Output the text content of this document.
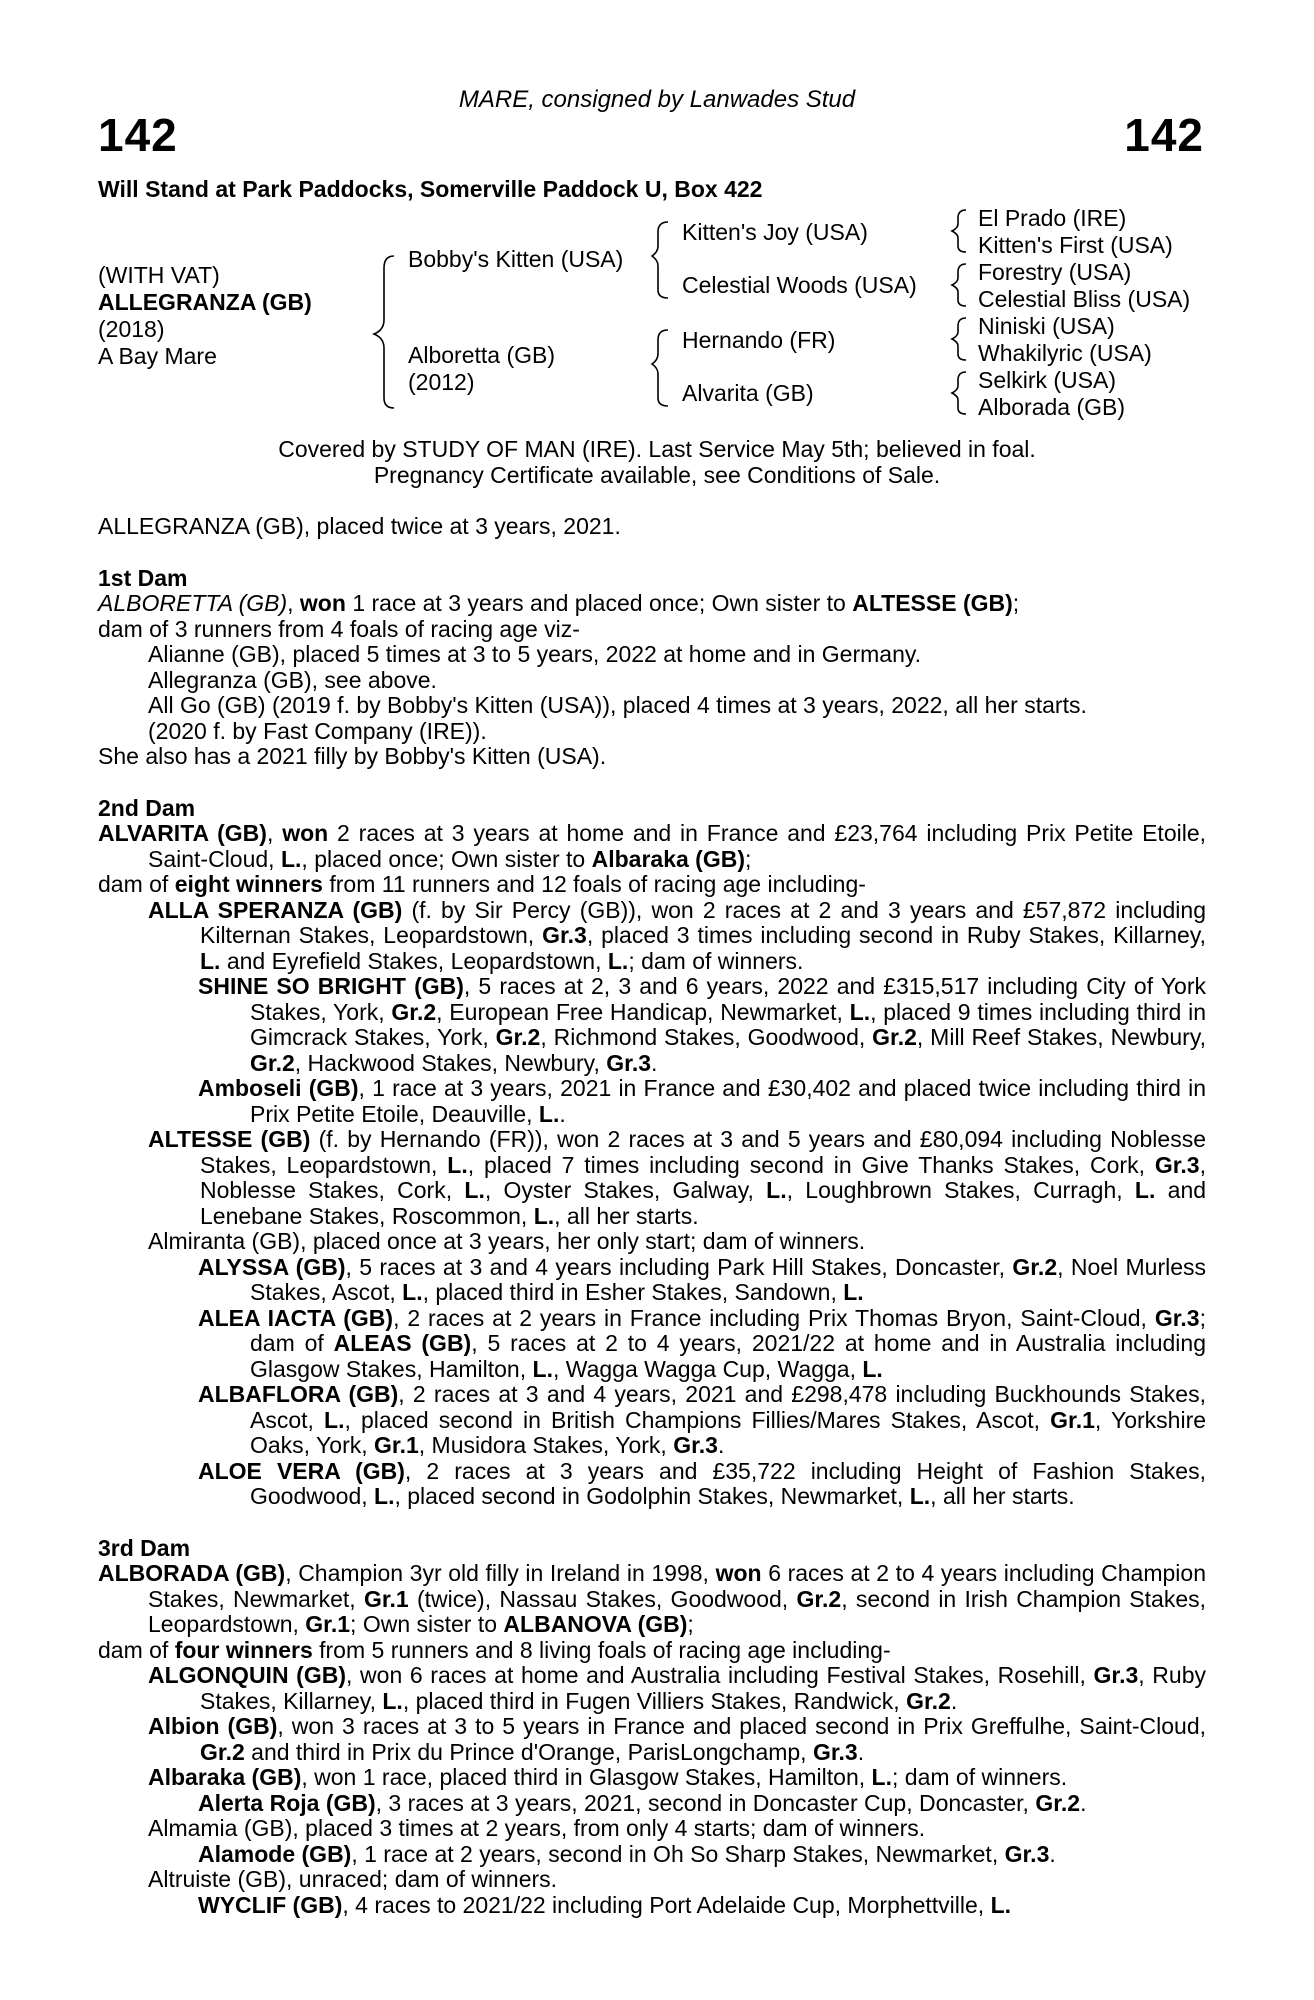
142
MARE, consigned by Lanwades Stud
142
Will Stand at Park Paddocks, Somerville Paddock U, Box 422
(WITH VAT)
ALLEGRANZA (GB)
(2018)
A Bay Mare
Bobby's Kitten (USA)
Alboretta (GB)
(2012)
Kitten's Joy (USA)
Celestial Woods (USA)
Hernando (FR)
Alvarita (GB)
El Prado (IRE)
Kitten's First (USA)
Forestry (USA)
Celestial Bliss (USA)
Niniski (USA)
Whakilyric (USA)
Selkirk (USA)
Alborada (GB)
Covered by STUDY OF MAN (IRE). Last Service May 5th; believed in foal.
Pregnancy Certificate available, see Conditions of Sale.

ALLEGRANZA (GB), placed twice at 3 years, 2021.

1st Dam

ALBORETTA (GB), won 1 race at 3 years and placed once; Own sister to ALTESSE (GB);

dam of 3 runners from 4 foals of racing age viz-

Alianne (GB), placed 5 times at 3 to 5 years, 2022 at home and in Germany.

Allegranza (GB), see above.

All Go (GB) (2019 f. by Bobby's Kitten (USA)), placed 4 times at 3 years, 2022, all her starts.

(2020 f. by Fast Company (IRE)).

She also has a 2021 filly by Bobby's Kitten (USA).

2nd Dam

ALVARITA (GB), won 2 races at 3 years at home and in France and £23,764 including Prix Petite Etoile, Saint-Cloud, L., placed once; Own sister to Albaraka (GB);

dam of eight winners from 11 runners and 12 foals of racing age including-

ALLA SPERANZA (GB) (f. by Sir Percy (GB)), won 2 races at 2 and 3 years and £57,872 including Kilternan Stakes, Leopardstown, Gr.3, placed 3 times including second in Ruby Stakes, Killarney, L. and Eyrefield Stakes, Leopardstown, L.; dam of winners.

SHINE SO BRIGHT (GB), 5 races at 2, 3 and 6 years, 2022 and £315,517 including City of York Stakes, York, Gr.2, European Free Handicap, Newmarket, L., placed 9 times including third in Gimcrack Stakes, York, Gr.2, Richmond Stakes, Goodwood, Gr.2, Mill Reef Stakes, Newbury, Gr.2, Hackwood Stakes, Newbury, Gr.3.

Amboseli (GB), 1 race at 3 years, 2021 in France and £30,402 and placed twice including third in Prix Petite Etoile, Deauville, L..

ALTESSE (GB) (f. by Hernando (FR)), won 2 races at 3 and 5 years and £80,094 including Noblesse Stakes, Leopardstown, L., placed 7 times including second in Give Thanks Stakes, Cork, Gr.3, Noblesse Stakes, Cork, L., Oyster Stakes, Galway, L., Loughbrown Stakes, Curragh, L. and Lenebane Stakes, Roscommon, L., all her starts.

Almiranta (GB), placed once at 3 years, her only start; dam of winners.

ALYSSA (GB), 5 races at 3 and 4 years including Park Hill Stakes, Doncaster, Gr.2, Noel Murless Stakes, Ascot, L., placed third in Esher Stakes, Sandown, L.

ALEA IACTA (GB), 2 races at 2 years in France including Prix Thomas Bryon, Saint-Cloud, Gr.3; dam of ALEAS (GB), 5 races at 2 to 4 years, 2021/22 at home and in Australia including Glasgow Stakes, Hamilton, L., Wagga Wagga Cup, Wagga, L.

ALBAFLORA (GB), 2 races at 3 and 4 years, 2021 and £298,478 including Buckhounds Stakes, Ascot, L., placed second in British Champions Fillies/Mares Stakes, Ascot, Gr.1, Yorkshire Oaks, York, Gr.1, Musidora Stakes, York, Gr.3.

ALOE VERA (GB), 2 races at 3 years and £35,722 including Height of Fashion Stakes, Goodwood, L., placed second in Godolphin Stakes, Newmarket, L., all her starts.

3rd Dam

ALBORADA (GB), Champion 3yr old filly in Ireland in 1998, won 6 races at 2 to 4 years including Champion Stakes, Newmarket, Gr.1 (twice), Nassau Stakes, Goodwood, Gr.2, second in Irish Champion Stakes, Leopardstown, Gr.1; Own sister to ALBANOVA (GB);

dam of four winners from 5 runners and 8 living foals of racing age including-

ALGONQUIN (GB), won 6 races at home and Australia including Festival Stakes, Rosehill, Gr.3, Ruby Stakes, Killarney, L., placed third in Fugen Villiers Stakes, Randwick, Gr.2.

Albion (GB), won 3 races at 3 to 5 years in France and placed second in Prix Greffulhe, Saint-Cloud, Gr.2 and third in Prix du Prince d'Orange, ParisLongchamp, Gr.3.

Albaraka (GB), won 1 race, placed third in Glasgow Stakes, Hamilton, L.; dam of winners.

Alerta Roja (GB), 3 races at 3 years, 2021, second in Doncaster Cup, Doncaster, Gr.2.

Almamia (GB), placed 3 times at 2 years, from only 4 starts; dam of winners.

Alamode (GB), 1 race at 2 years, second in Oh So Sharp Stakes, Newmarket, Gr.3.

Altruiste (GB), unraced; dam of winners.

WYCLIF (GB), 4 races to 2021/22 including Port Adelaide Cup, Morphettville, L.
